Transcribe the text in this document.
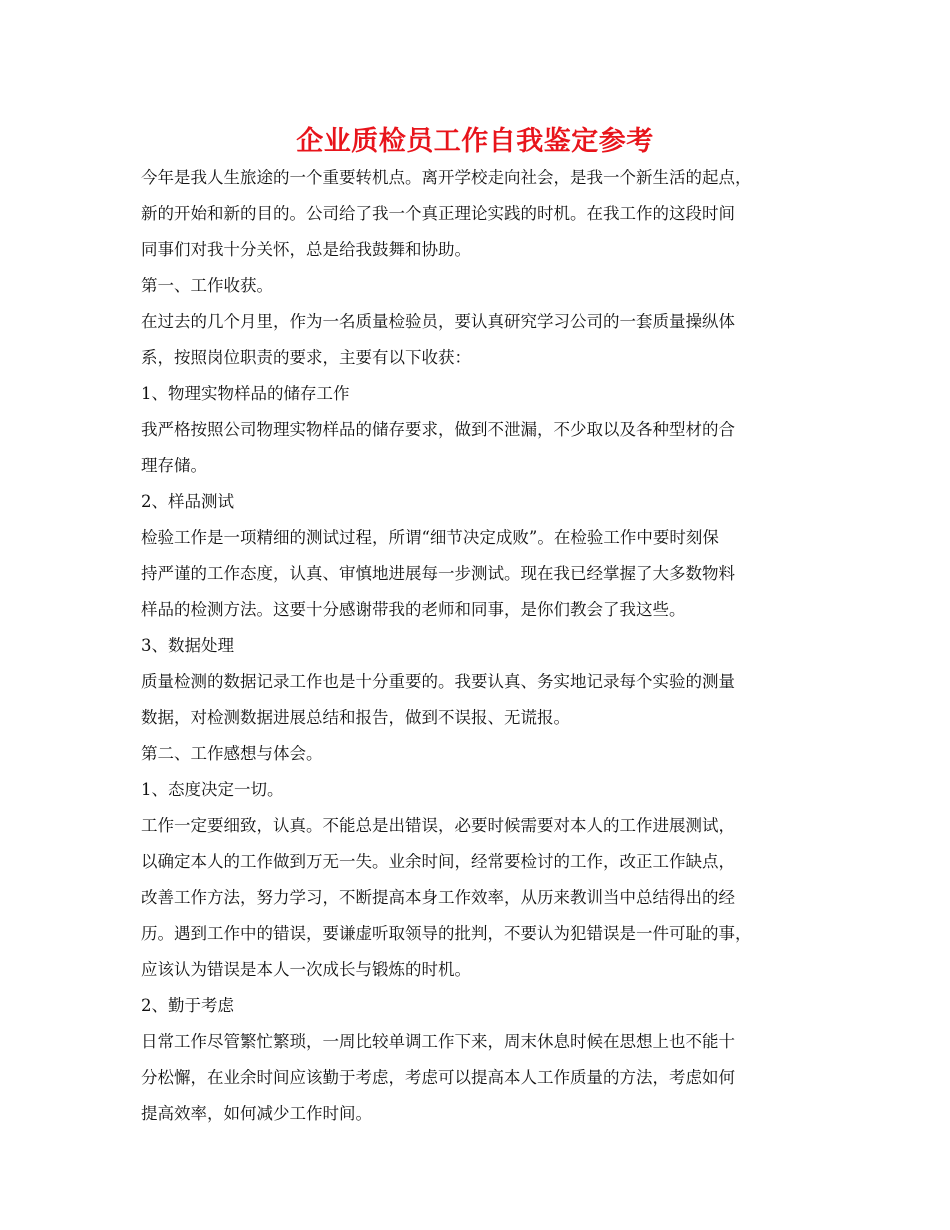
企业质检员工作自我鉴定参考
今年是我人生旅途的一个重要转机点。离开学校走向社会，是我一个新生活的起点，
新的开始和新的目的。公司给了我一个真正理论实践的时机。在我工作的这段时间
同事们对我十分关怀，总是给我鼓舞和协助。
第一、工作收获。
在过去的几个月里，作为一名质量检验员，要认真研究学习公司的一套质量操纵体
系，按照岗位职责的要求，主要有以下收获：
1、物理实物样品的储存工作
我严格按照公司物理实物样品的储存要求，做到不泄漏，不少取以及各种型材的合
理存储。
2、样品测试
检验工作是一项精细的测试过程，所谓“细节决定成败”。在检验工作中要时刻保
持严谨的工作态度，认真、审慎地进展每一步测试。现在我已经掌握了大多数物料
样品的检测方法。这要十分感谢带我的老师和同事，是你们教会了我这些。
3、数据处理
质量检测的数据记录工作也是十分重要的。我要认真、务实地记录每个实验的测量
数据，对检测数据进展总结和报告，做到不误报、无谎报。
第二、工作感想与体会。
1、态度决定一切。
工作一定要细致，认真。不能总是出错误，必要时候需要对本人的工作进展测试，
以确定本人的工作做到万无一失。业余时间，经常要检讨的工作，改正工作缺点，
改善工作方法，努力学习，不断提高本身工作效率，从历来教训当中总结得出的经
历。遇到工作中的错误，要谦虚听取领导的批判，不要认为犯错误是一件可耻的事，
应该认为错误是本人一次成长与锻炼的时机。
2、勤于考虑
日常工作尽管繁忙繁琐，一周比较单调工作下来，周末休息时候在思想上也不能十
分松懈，在业余时间应该勤于考虑，考虑可以提高本人工作质量的方法，考虑如何
提高效率，如何减少工作时间。
